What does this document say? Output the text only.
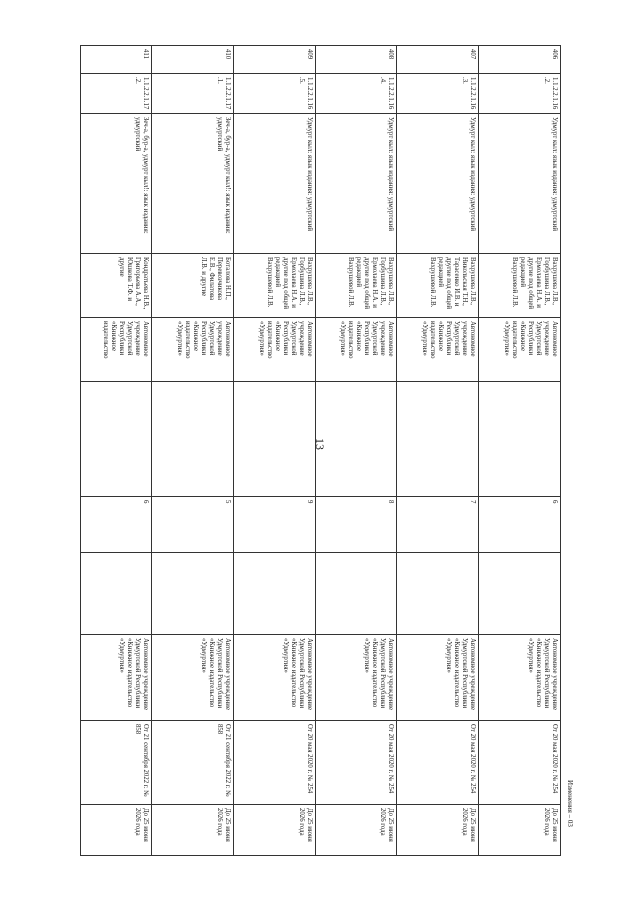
13
406	1.1.2.2.1.16.2.	Удмурт кыл: язык издания: удмуртский	Вахрушева Л.В., Горбушина Л.В., Ермолаева Н.А. и другие под общей редакцией Вахрушевой Л.В.	Автономное учреждение Удмуртской Республики «Книжное издательство «Удмуртия»		6		Автономное учреждение Удмуртской Республики «Книжное издательство «Удмуртия»	От 20 мая 2020 г. № 254	До 25 июня 2026 года
407	1.1.2.2.1.16.3.	Удмурт кыл: язык издания: удмуртский	Вахрушева Л.В., Никольская Т.Н., Тарасенко И.В. и другие под общей редакцией Вахрушевой Л.В.	Автономное учреждение Удмуртской Республики «Книжное издательство «Удмуртия»		7		Автономное учреждение Удмуртской Республики «Книжное издательство «Удмуртия»	От 20 мая 2020 г. № 254	До 25 июня 2026 года
408	1.1.2.2.1.16.4.	Удмурт кыл: язык издания: удмуртский	Вахрушева Л.В., Горбушина Л.В., Ермолаева Н.А. и другие под общей редакцией Вахрушевой Л.В.	Автономное учреждение Удмуртской Республики «Книжное издательство «Удмуртия»		8		Автономное учреждение Удмуртской Республики «Книжное издательство «Удмуртия»	От 20 мая 2020 г. № 254	До 25 июня 2026 года
409	1.1.2.2.1.16.5.	Удмурт кыл: язык издания: удмуртский	Вахрушева Л.В., Горбушина Л.В., Ермолаева Н.А. и другие под общей редакцией Вахрушевой Л.В.	Автономное учреждение Удмуртской Республики «Книжное издательство «Удмуртия»		9		Автономное учреждение Удмуртской Республики «Книжное издательство «Удмуртия»	От 20 мая 2020 г. № 254	До 25 июня 2026 года
410	1.1.2.2.1.17.1.	Зеч-а, бур-а, удмурт кыл!: язык издания: удмуртский	Боталова Н.П., Перевозчикова Е.В., Филатова Л.В. и другие	Автономное учреждение Удмуртской Республики «Книжное издательство «Удмуртия»		5		Автономное учреждение Удмуртской Республики «Книжное издательство «Удмуртия»	От 21 сентября 2022 г. № 858	До 25 июня 2026 года
411	1.1.2.2.1.17.2.	Зеч-а, бур-а, удмурт кыл!: язык издания: удмуртский	Кондратьева Н.В., Григорьева А.А., Юшкова Т.Ф. и другие	Автономное учреждение Удмуртской Республики «Книжное издательство		6		Автономное учреждение Удмуртской Республики «Книжное издательство «Удмуртия»	От 21 сентября 2022 г. № 858	До 25 июня 2026 года	Изменения – 03
